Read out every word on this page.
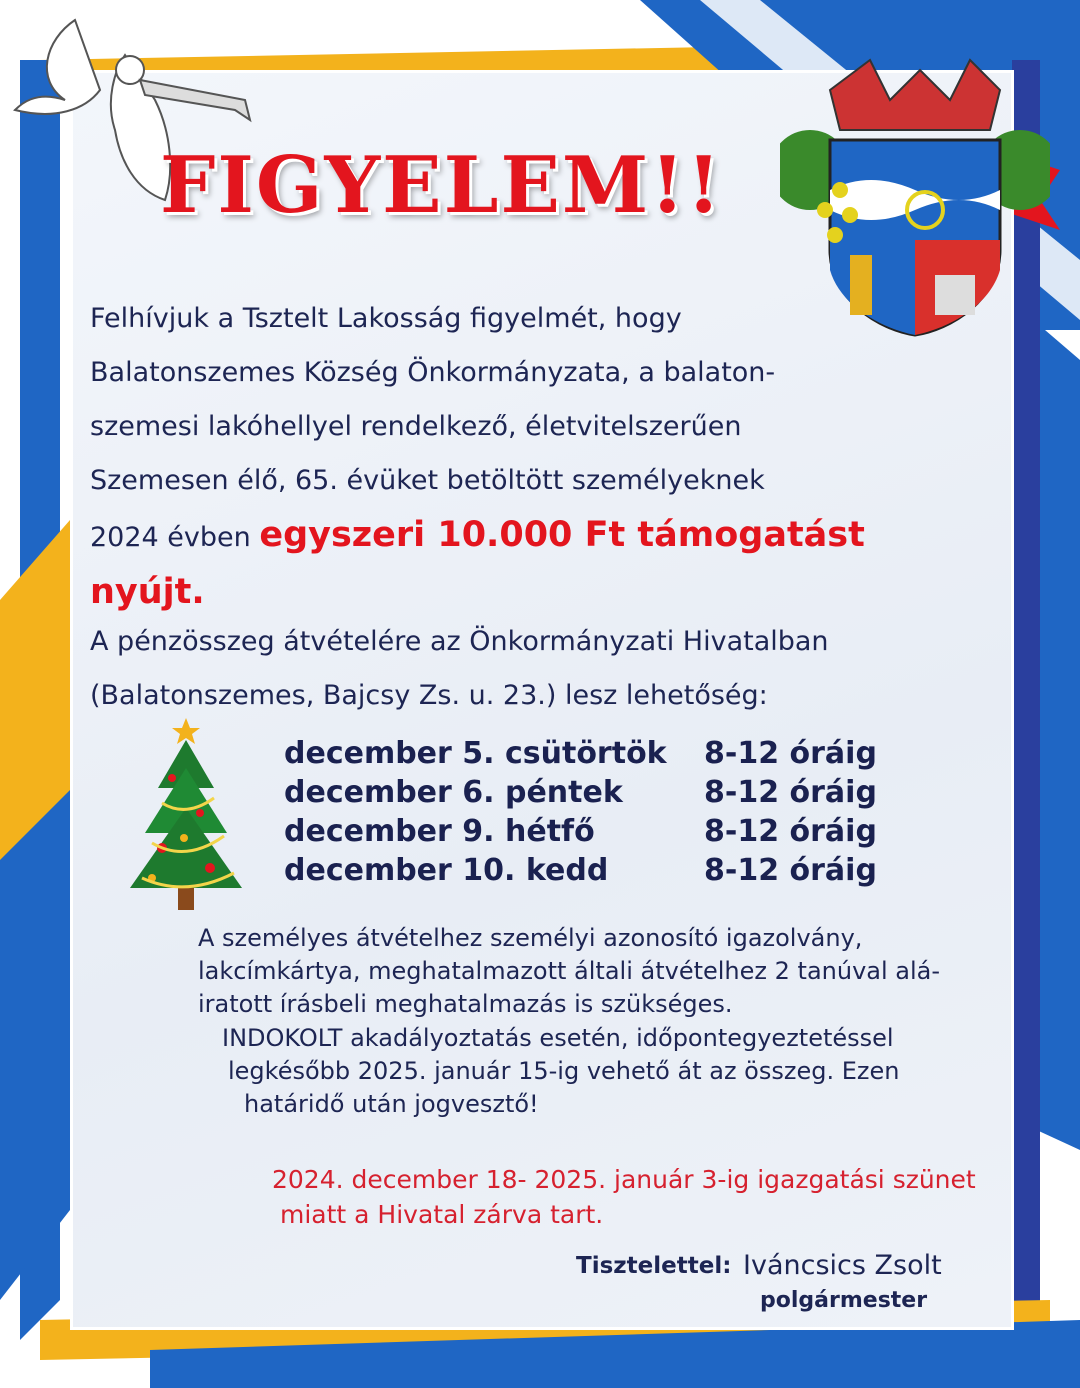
FIGYELEM!!

Felhívjuk a Tsztelt Lakosság figyelmét, hogy
Balatonszemes Község Önkormányzata, a balaton-
szemesi lakóhellyel rendelkező, életvitelszerűen
Szemesen élő, 65. évüket betöltött személyeknek
2024 évben egyszeri 10.000 Ft támogatást
nyújt.

A pénzösszeg átvételére az Önkormányzati Hivatalban
(Balatonszemes, Bajcsy Zs. u. 23.) lesz lehetőség:

december 5. csütörtök	8-12 óráig
december 6. péntek	8-12 óráig
december 9. hétfő	8-12 óráig
december 10. kedd	8-12 óráig

A személyes átvételhez személyi azonosító igazolvány,
lakcímkártya, meghatalmazott általi átvételhez 2 tanúval alá-
iratott írásbeli meghatalmazás is szükséges.

INDOKOLT akadályoztatás esetén, időpontegyeztetéssel
legkésőbb 2025. január 15-ig vehető át az összeg. Ezen
határidő után jogvesztő!

2024. december 18- 2025. január 3-ig igazgatási szünet
miatt a Hivatal zárva tart.

Tisztelettel: Iváncsics Zsolt

polgármester
